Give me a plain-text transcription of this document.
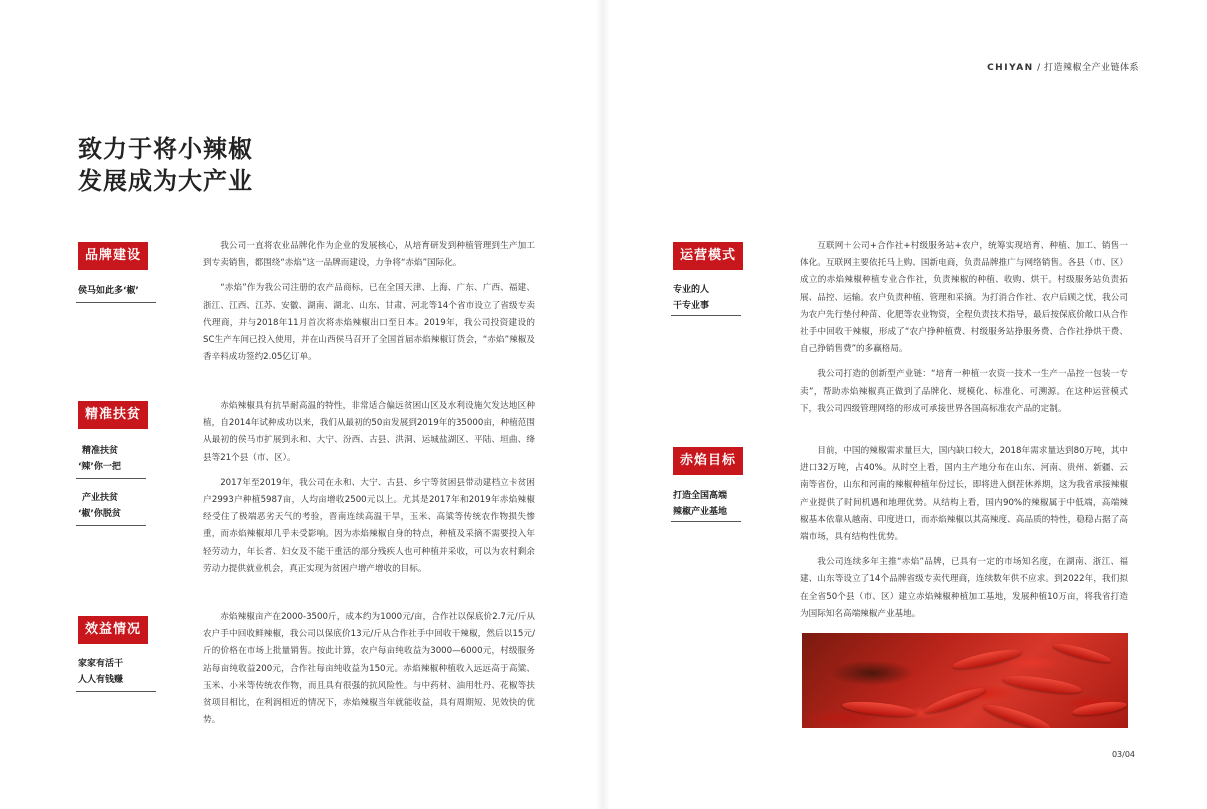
CHIYAN / 打造辣椒全产业链体系
致力于将小辣椒
发展成为大产业
品牌建设
侯马如此多‘椒’

我公司一直将农业品牌化作为企业的发展核心，从培育研发到种植管理到生产加工到专卖销售，都围绕“赤焰”这一品牌而建设，力争将“赤焰”国际化。

“赤焰”作为我公司注册的农产品商标，已在全国天津、上海、广东、广西、福建、浙江、江西、江苏、安徽、湖南、湖北、山东、甘肃、河北等14个省市设立了省级专卖代理商，并与2018年11月首次将赤焰辣椒出口至日本。2019年，我公司投资建设的SC生产车间已投入使用，并在山西侯马召开了全国首届赤焰辣椒订货会，“赤焰”辣椒及香辛料成功签约2.05亿订单。

精准扶贫
精准扶贫
‘辣’你一把
产业扶贫
‘椒’你脱贫

赤焰辣椒具有抗旱耐高温的特性，非常适合偏远贫困山区及水利设施欠发达地区种植，自2014年试种成功以来，我们从最初的50亩发展到2019年的35000亩，种植范围从最初的侯马市扩展到永和、大宁、汾西、古县、洪洞、运城盐湖区、平陆、垣曲、绛县等21个县（市、区）。

2017年至2019年，我公司在永和、大宁、古县、乡宁等贫困县带动建档立卡贫困户2993户种植5987亩，人均亩增收2500元以上。尤其是2017年和2019年赤焰辣椒经受住了极端恶劣天气的考验，晋南连续高温干旱，玉米、高粱等传统农作物损失惨重，而赤焰辣椒却几乎未受影响。因为赤焰辣椒自身的特点，种植及采摘不需要投入年轻劳动力，年长者、妇女及不能干重活的部分残疾人也可种植并采收，可以为农村剩余劳动力提供就业机会，真正实现为贫困户增产增收的目标。

效益情况
家家有活干
人人有钱赚

赤焰辣椒亩产在2000-3500斤，成本约为1000元/亩，合作社以保底价2.7元/斤从农户手中回收鲜辣椒，我公司以保底价13元/斤从合作社手中回收干辣椒，然后以15元/斤的价格在市场上批量销售。按此计算，农户每亩纯收益为3000—6000元，村级服务站每亩纯收益200元，合作社每亩纯收益为150元。赤焰辣椒种植收入远远高于高粱、玉米、小米等传统农作物，而且具有很强的抗风险性。与中药材、油用牡丹、花椒等扶贫项目相比，在利润相近的情况下，赤焰辣椒当年就能收益，具有周期短、见效快的优势。

运营模式
专业的人
干专业事

互联网＋公司+合作社+村级服务站+农户，统筹实现培育、种植、加工、销售一体化。互联网主要依托马上购、国新电商，负责品牌推广与网络销售。各县（市、区）成立的赤焰辣椒种植专业合作社，负责辣椒的种植、收购、烘干。村级服务站负责拓展、品控、运输。农户负责种植、管理和采摘。为打消合作社、农户后顾之忧，我公司为农户先行垫付种苗、化肥等农业物资，全程负责技术指导，最后按保底价敞口从合作社手中回收干辣椒，形成了“农户挣种植费、村级服务站挣服务费、合作社挣烘干费、自己挣销售费”的多赢格局。

我公司打造的创新型产业链：“培育一种植一农资一技术一生产一品控一包装一专卖”，帮助赤焰辣椒真正做到了品牌化、规模化、标准化、可溯源。在这种运营模式下，我公司四级管理网络的形成可承接世界各国高标准农产品的定制。

赤焰目标
打造全国高端
辣椒产业基地

目前，中国的辣椒需求量巨大，国内缺口较大，2018年需求量达到80万吨，其中进口32万吨，占40%。从时空上看，国内主产地分布在山东、河南、贵州、新疆、云南等省份，山东和河南的辣椒种植年份过长，即将进入倒茬休养期，这为我省承接辣椒产业提供了时间机遇和地理优势。从结构上看，国内90%的辣椒属于中低端，高端辣椒基本依靠从越南、印度进口，而赤焰辣椒以其高辣度、高品质的特性，稳稳占据了高端市场，具有结构性优势。

我公司连续多年主推“赤焰”品牌，已具有一定的市场知名度，在湖南、浙江、福建、山东等设立了14个品牌省级专卖代理商，连续数年供不应求。到2022年，我们拟在全省50个县（市、区）建立赤焰辣椒种植加工基地，发展种植10万亩，将我省打造为国际知名高端辣椒产业基地。

03/04
